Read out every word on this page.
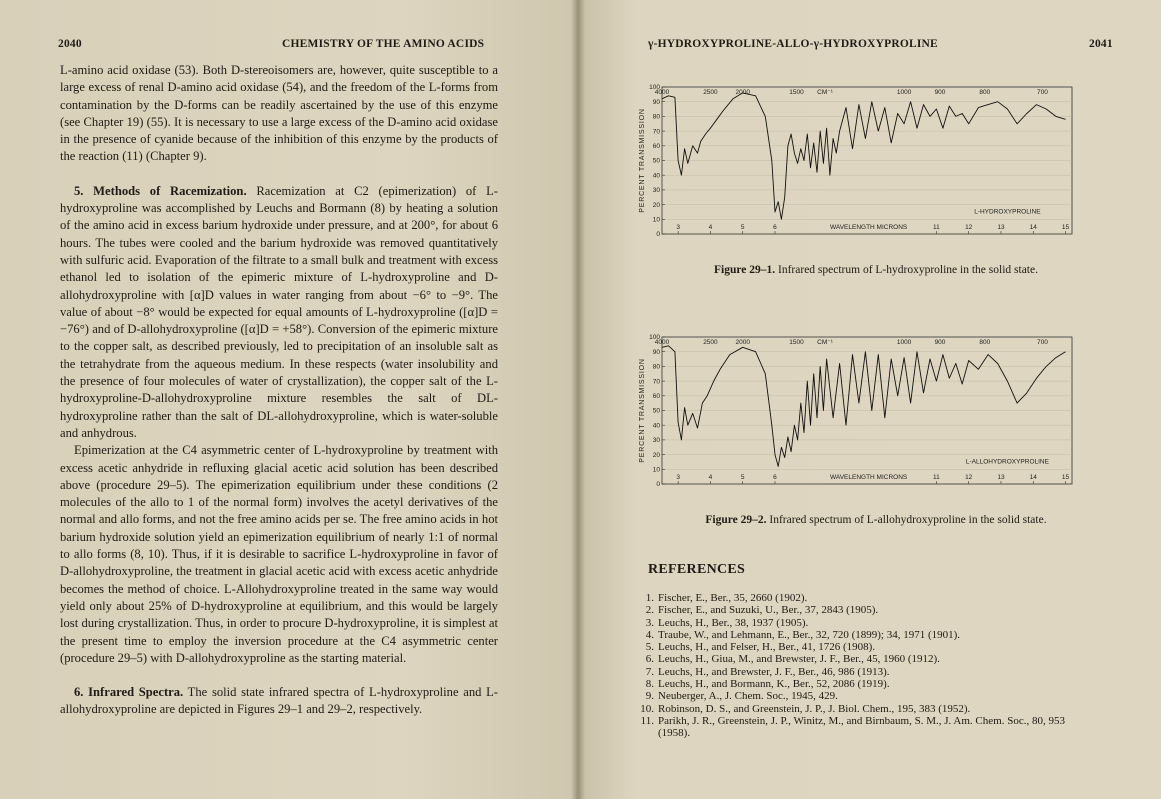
2040	CHEMISTRY OF THE AMINO ACIDS

L-amino acid oxidase (53). Both D-stereoisomers are, however, quite susceptible to a large excess of renal D-amino acid oxidase (54), and the freedom of the L-forms from contamination by the D-forms can be readily ascertained by the use of this enzyme (see Chapter 19) (55). It is necessary to use a large excess of the D-amino acid oxidase in the presence of cyanide because of the inhibition of this enzyme by the products of the reaction (11) (Chapter 9).

5. Methods of Racemization. Racemization at C2 (epimerization) of L-hydroxyproline was accomplished by Leuchs and Bormann (8) by heating a solution of the amino acid in excess barium hydroxide under pressure, and at 200°, for about 6 hours. The tubes were cooled and the barium hydroxide was removed quantitatively with sulfuric acid. Evaporation of the filtrate to a small bulk and treatment with excess ethanol led to isolation of the epimeric mixture of L-hydroxyproline and D-allohydroxyproline with [α]D values in water ranging from about −6° to −9°. The value of about −8° would be expected for equal amounts of L-hydroxyproline ([α]D = −76°) and of D-allohydroxyproline ([α]D = +58°). Conversion of the epimeric mixture to the copper salt, as described previously, led to precipitation of an insoluble salt as the tetrahydrate from the aqueous medium. In these respects (water insolubility and the presence of four molecules of water of crystallization), the copper salt of the L-hydroxyproline-D-allohydroxyproline mixture resembles the salt of DL-hydroxyproline rather than the salt of DL-allohydroxyproline, which is water-soluble and anhydrous.

Epimerization at the C4 asymmetric center of L-hydroxyproline by treatment with excess acetic anhydride in refluxing glacial acetic acid solution has been described above (procedure 29–5). The epimerization equilibrium under these conditions (2 molecules of the allo to 1 of the normal form) involves the acetyl derivatives of the normal and allo forms, and not the free amino acids per se. The free amino acids in hot barium hydroxide solution yield an epimerization equilibrium of nearly 1:1 of normal to allo forms (8, 10). Thus, if it is desirable to sacrifice L-hydroxyproline in favor of D-allohydroxyproline, the treatment in glacial acetic acid with excess acetic anhydride becomes the method of choice. L-Allohydroxyproline treated in the same way would yield only about 25% of D-hydroxyproline at equilibrium, and this would be largely lost during crystallization. Thus, in order to procure D-hydroxyproline, it is simplest at the present time to employ the inversion procedure at the C4 asymmetric center (procedure 29–5) with D-allohydroxyproline as the starting material.

6. Infrared Spectra. The solid state infrared spectra of L-hydroxyproline and L-allohydroxyproline are depicted in Figures 29–1 and 29–2, respectively.

γ-HYDROXYPROLINE-ALLO-γ-HYDROXYPROLINE	2041
100
90
80
70
60
50
40
30
20
10
0
PERCENT TRANSMISSION
4000	2500	2000	1500 CM⁻¹	1000	900	800	700
3	4	5	6	11	12	13	14	15
WAVELENGTH MICRONS
L-HYDROXYPROLINE
Figure 29–1. Infrared spectrum of L-hydroxyproline in the solid state.
100
90
80
70
60
50
40
30
20
10
0
PERCENT TRANSMISSION
4000	2500	2000	1500 CM⁻¹	1000	900	800	700
3	4	5	6	11	12	13	14	15
WAVELENGTH MICRONS
L-ALLOHYDROXYPROLINE
Figure 29–2. Infrared spectrum of L-allohydroxyproline in the solid state.
REFERENCES
1. Fischer, E., Ber., 35, 2660 (1902).
2. Fischer, E., and Suzuki, U., Ber., 37, 2843 (1905).
3. Leuchs, H., Ber., 38, 1937 (1905).
4. Traube, W., and Lehmann, E., Ber., 32, 720 (1899); 34, 1971 (1901).
5. Leuchs, H., and Felser, H., Ber., 41, 1726 (1908).
6. Leuchs, H., Giua, M., and Brewster, J. F., Ber., 45, 1960 (1912).
7. Leuchs, H., and Brewster, J. F., Ber., 46, 986 (1913).
8. Leuchs, H., and Bormann, K., Ber., 52, 2086 (1919).
9. Neuberger, A., J. Chem. Soc., 1945, 429.
10. Robinson, D. S., and Greenstein, J. P., J. Biol. Chem., 195, 383 (1952).
11. Parikh, J. R., Greenstein, J. P., Winitz, M., and Birnbaum, S. M., J. Am. Chem. Soc., 80, 953 (1958).
